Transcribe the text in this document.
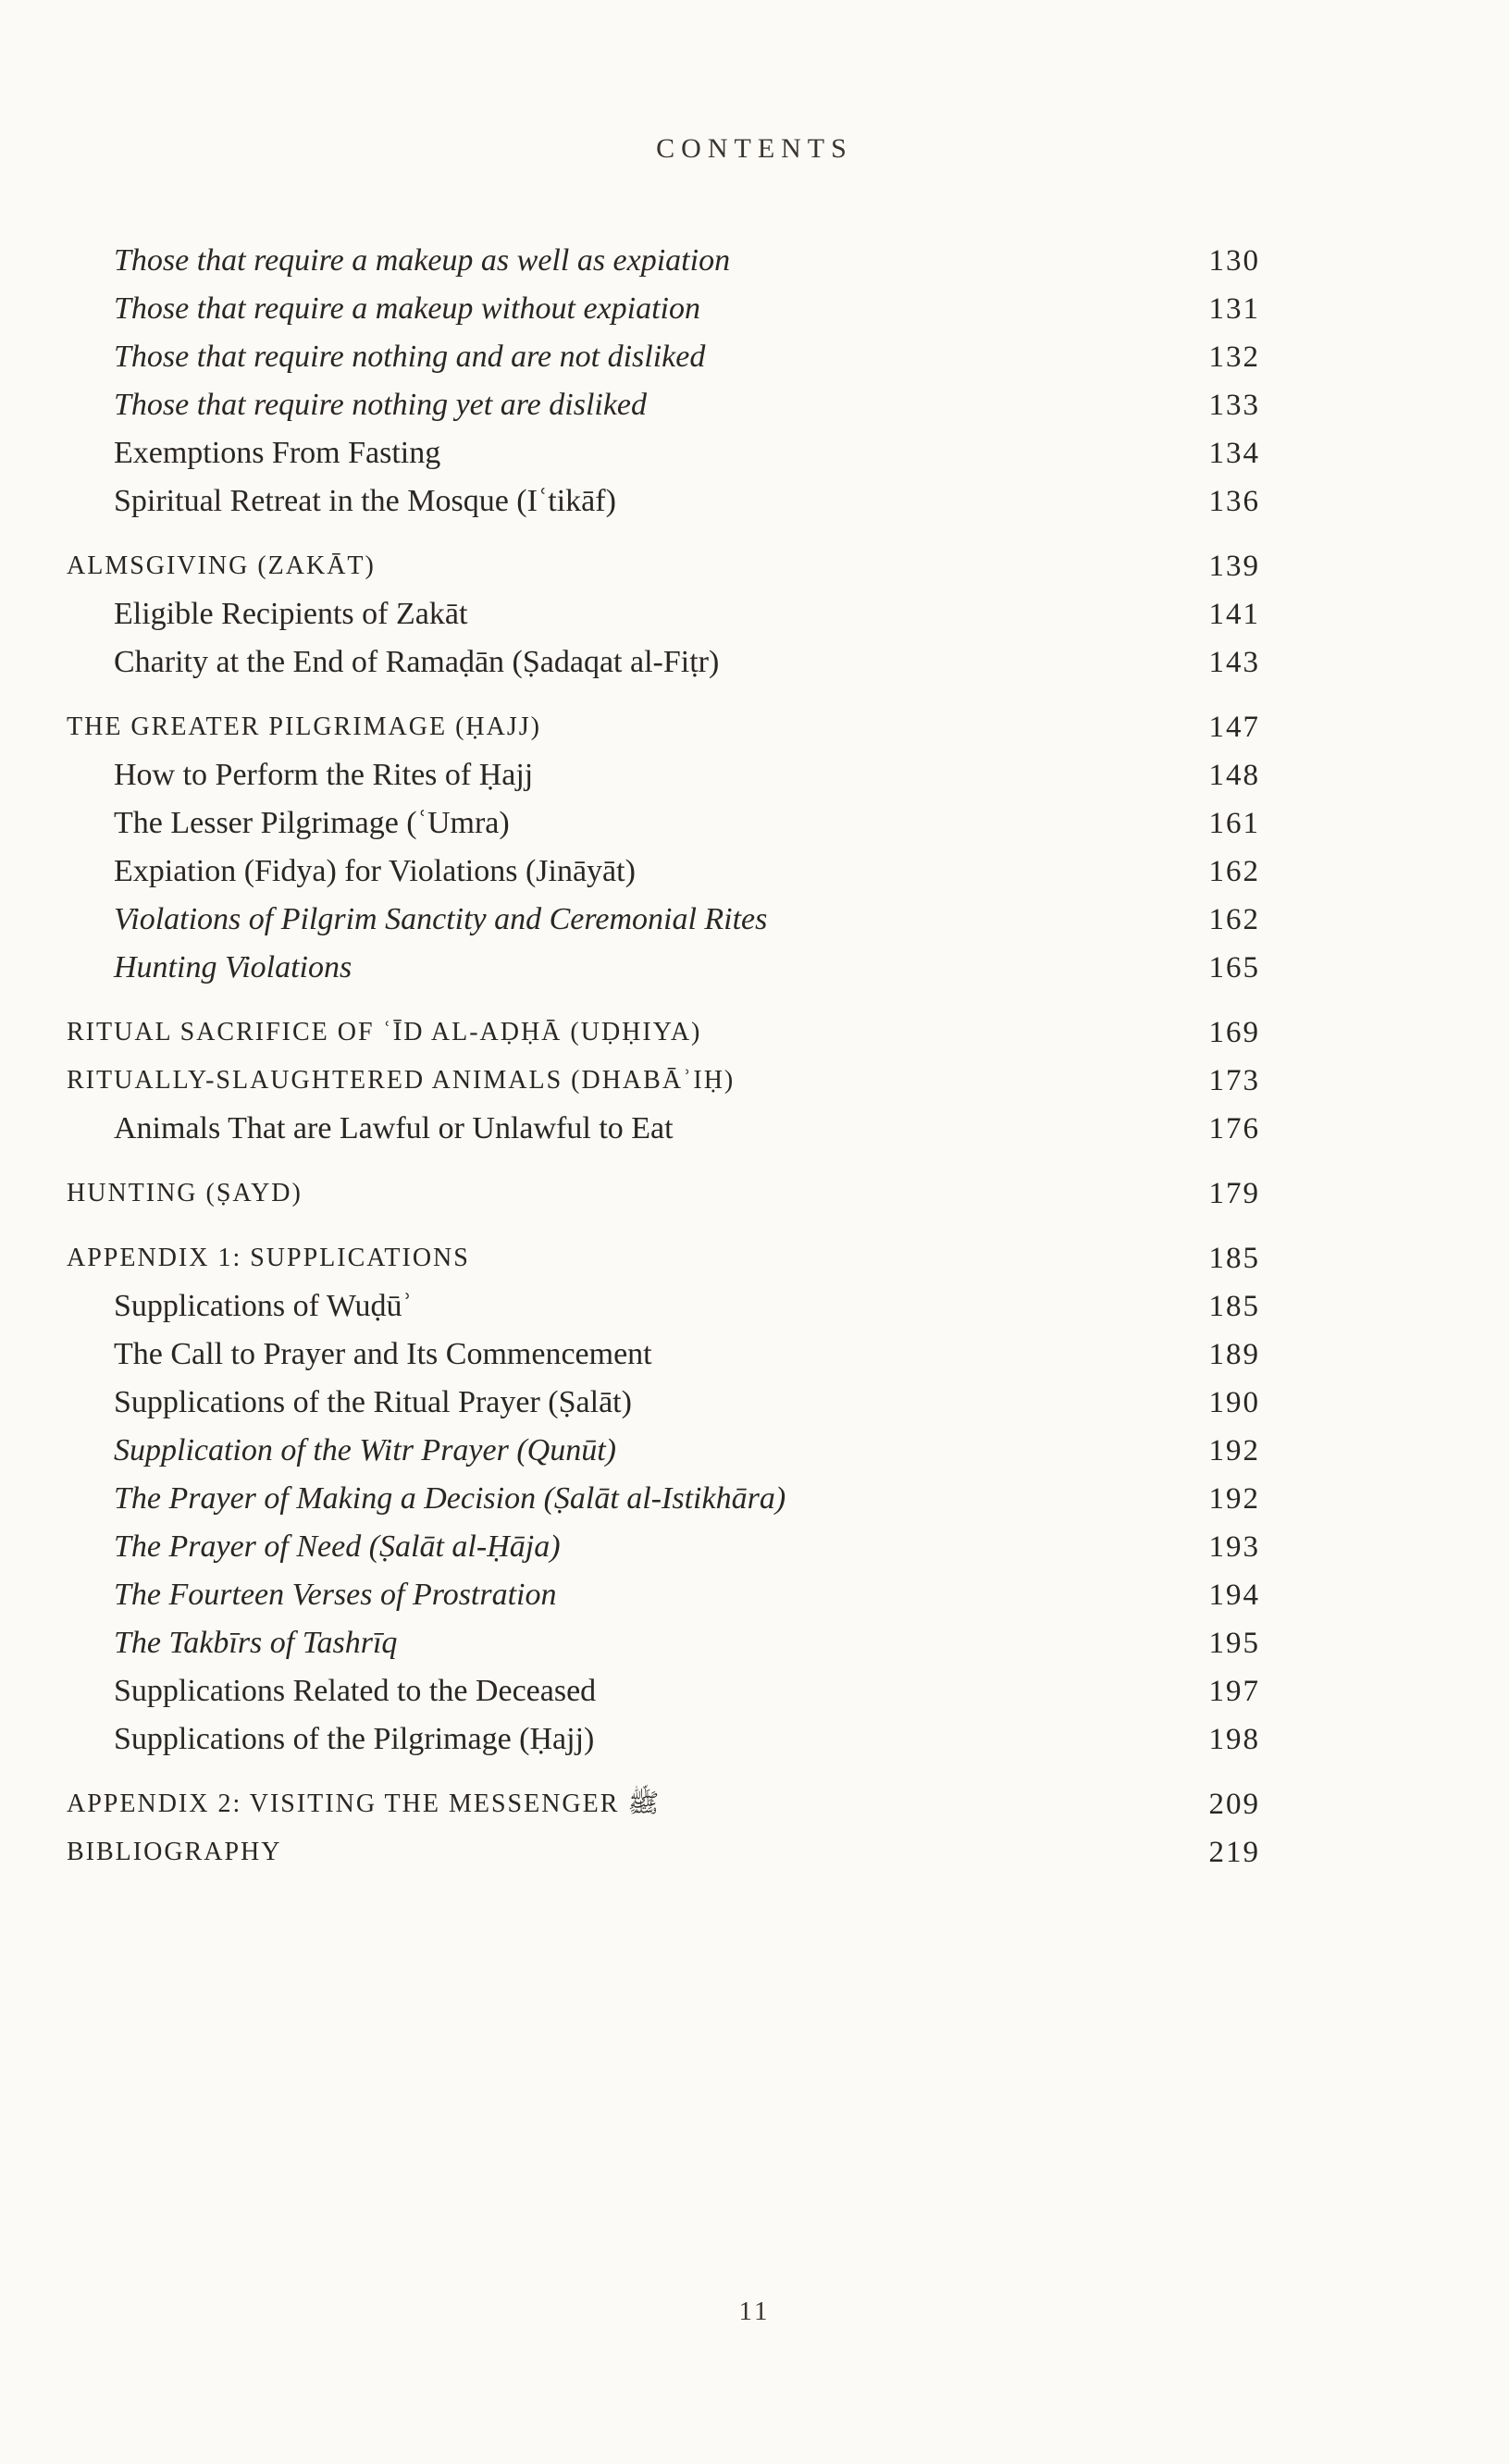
CONTENTS
Those that require a makeup as well as expiation	130
Those that require a makeup without expiation	131
Those that require nothing and are not disliked	132
Those that require nothing yet are disliked	133
Exemptions From Fasting	134
Spiritual Retreat in the Mosque (Iʿtikāf)	136
ALMSGIVING (ZAKĀT)	139
Eligible Recipients of Zakāt	141
Charity at the End of Ramaḍān (Ṣadaqat al-Fiṭr)	143
THE GREATER PILGRIMAGE (ḤAJJ)	147
How to Perform the Rites of Ḥajj	148
The Lesser Pilgrimage (ʿUmra)	161
Expiation (Fidya) for Violations (Jināyāt)	162
Violations of Pilgrim Sanctity and Ceremonial Rites	162
Hunting Violations	165
RITUAL SACRIFICE OF ʿĪD AL-AḌḤĀ (UḌḤIYA)	169
RITUALLY-SLAUGHTERED ANIMALS (DHABĀʾIḤ)	173
Animals That are Lawful or Unlawful to Eat	176
HUNTING (ṢAYD)	179
APPENDIX 1: SUPPLICATIONS	185
Supplications of Wuḍūʾ	185
The Call to Prayer and Its Commencement	189
Supplications of the Ritual Prayer (Ṣalāt)	190
Supplication of the Witr Prayer (Qunūt)	192
The Prayer of Making a Decision (Ṣalāt al-Istikhāra)	192
The Prayer of Need (Ṣalāt al-Ḥāja)	193
The Fourteen Verses of Prostration	194
The Takbīrs of Tashrīq	195
Supplications Related to the Deceased	197
Supplications of the Pilgrimage (Ḥajj)	198
APPENDIX 2: VISITING THE MESSENGER ﷺ	209
BIBLIOGRAPHY	219
11
